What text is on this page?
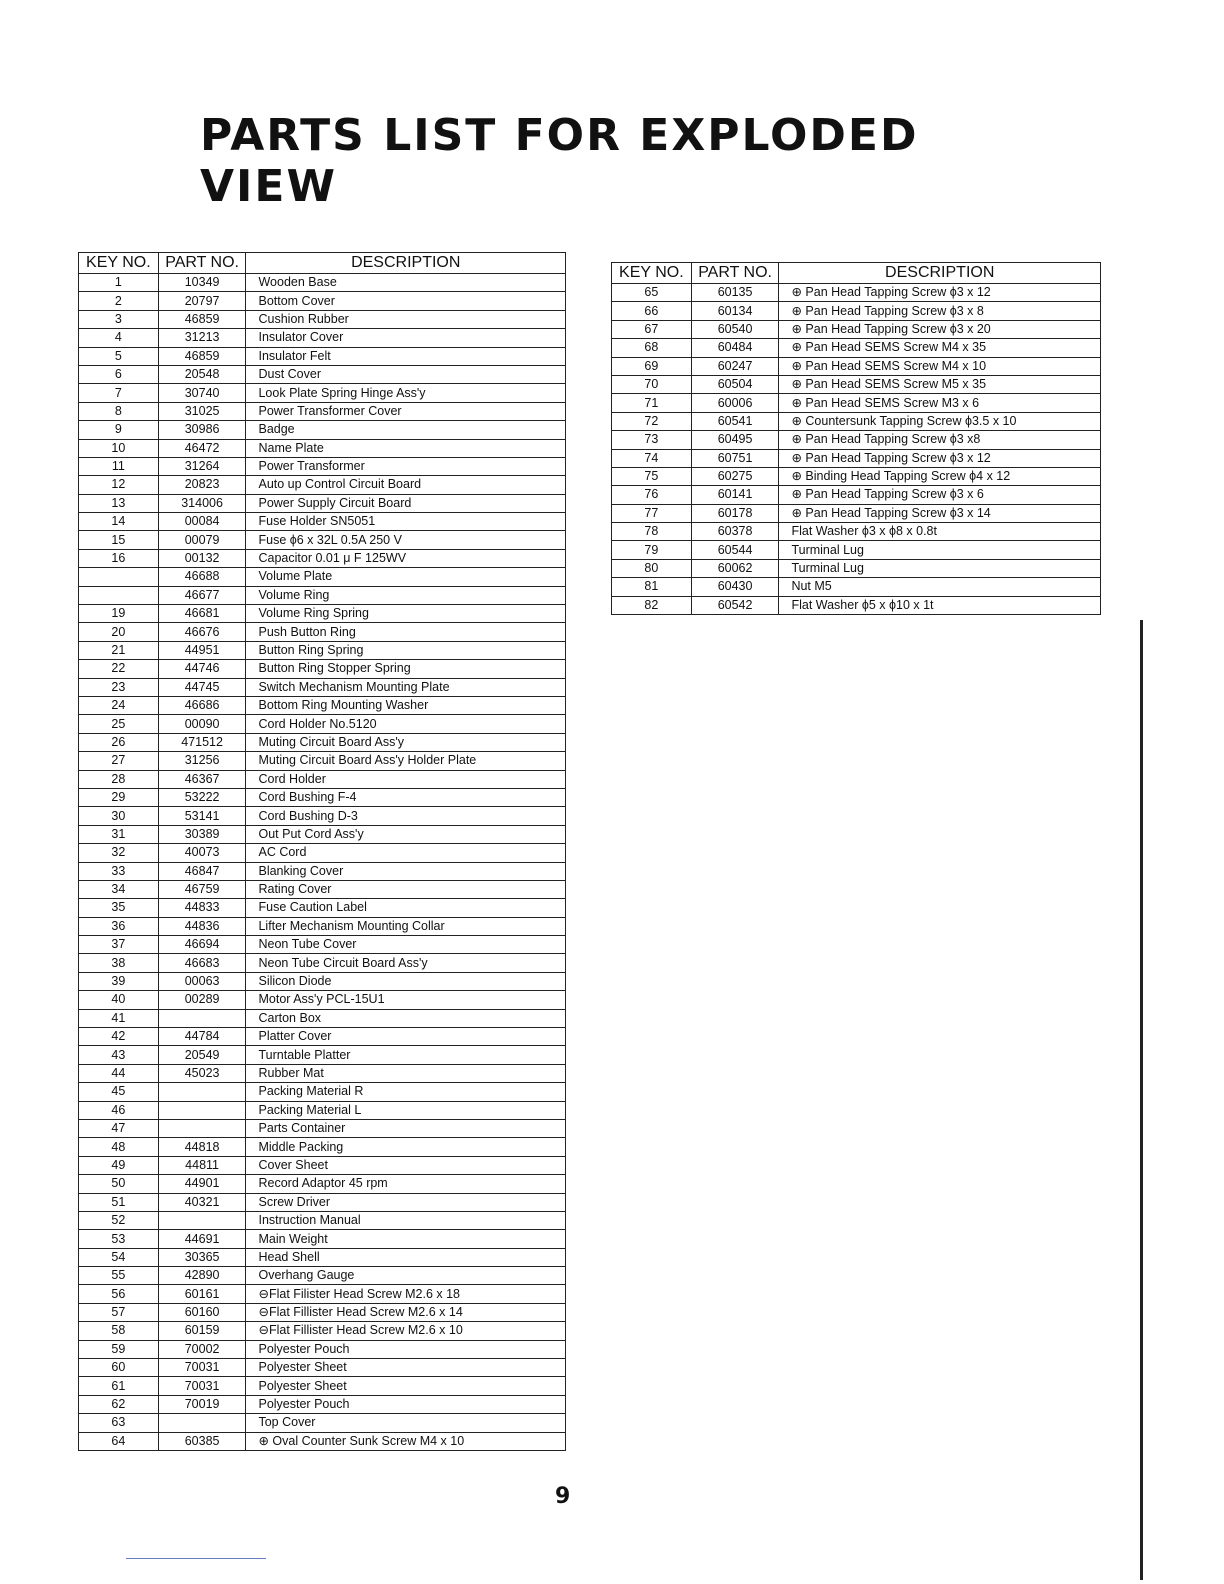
PARTS LIST FOR EXPLODED VIEW
KEY NO.	PART NO.	DESCRIPTION
1	10349	Wooden Base
2	20797	Bottom Cover
3	46859	Cushion Rubber
4	31213	Insulator Cover
5	46859	Insulator Felt
6	20548	Dust Cover
7	30740	Look Plate Spring Hinge Ass'y
8	31025	Power Transformer Cover
9	30986	Badge
10	46472	Name Plate
11	31264	Power Transformer
12	20823	Auto up Control Circuit Board
13	314006	Power Supply Circuit Board
14	00084	Fuse Holder SN5051
15	00079	Fuse ϕ6 x 32L 0.5A 250 V
16	00132	Capacitor 0.01 μ F 125WV
	46688	Volume Plate
	46677	Volume Ring
19	46681	Volume Ring Spring
20	46676	Push Button Ring
21	44951	Button Ring Spring
22	44746	Button Ring Stopper Spring
23	44745	Switch Mechanism Mounting Plate
24	46686	Bottom Ring Mounting Washer
25	00090	Cord Holder No.5120
26	471512	Muting Circuit Board Ass'y
27	31256	Muting Circuit Board Ass'y Holder Plate
28	46367	Cord Holder
29	53222	Cord Bushing F-4
30	53141	Cord Bushing D-3
31	30389	Out Put Cord Ass'y
32	40073	AC Cord
33	46847	Blanking Cover
34	46759	Rating Cover
35	44833	Fuse Caution Label
36	44836	Lifter Mechanism Mounting Collar
37	46694	Neon Tube Cover
38	46683	Neon Tube Circuit Board Ass'y
39	00063	Silicon Diode
40	00289	Motor Ass'y PCL-15U1
41		Carton Box
42	44784	Platter Cover
43	20549	Turntable Platter
44	45023	Rubber Mat
45		Packing Material R
46		Packing Material L
47		Parts Container
48	44818	Middle Packing
49	44811	Cover Sheet
50	44901	Record Adaptor 45 rpm
51	40321	Screw Driver
52		Instruction Manual
53	44691	Main Weight
54	30365	Head Shell
55	42890	Overhang Gauge
56	60161	⊖Flat Filister Head Screw M2.6 x 18
57	60160	⊖Flat Fillister Head Screw M2.6 x 14
58	60159	⊖Flat Fillister Head Screw M2.6 x 10
59	70002	Polyester Pouch
60	70031	Polyester Sheet
61	70031	Polyester Sheet
62	70019	Polyester Pouch
63		Top Cover
64	60385	⊕ Oval Counter Sunk Screw M4 x 10
KEY NO.	PART NO.	DESCRIPTION
65	60135	⊕ Pan Head Tapping Screw ϕ3 x 12
66	60134	⊕ Pan Head Tapping Screw ϕ3 x 8
67	60540	⊕ Pan Head Tapping Screw ϕ3 x 20
68	60484	⊕ Pan Head SEMS Screw M4 x 35
69	60247	⊕ Pan Head SEMS Screw M4 x 10
70	60504	⊕ Pan Head SEMS Screw M5 x 35
71	60006	⊕ Pan Head SEMS Screw M3 x 6
72	60541	⊕ Countersunk Tapping Screw ϕ3.5 x 10
73	60495	⊕ Pan Head Tapping Screw ϕ3 x8
74	60751	⊕ Pan Head Tapping Screw ϕ3 x 12
75	60275	⊕ Binding Head Tapping Screw ϕ4 x 12
76	60141	⊕ Pan Head Tapping Screw ϕ3 x 6
77	60178	⊕ Pan Head Tapping Screw ϕ3 x 14
78	60378	Flat Washer ϕ3 x ϕ8 x 0.8t
79	60544	Turminal Lug
80	60062	Turminal Lug
81	60430	Nut M5
82	60542	Flat Washer ϕ5 x ϕ10 x 1t
9
